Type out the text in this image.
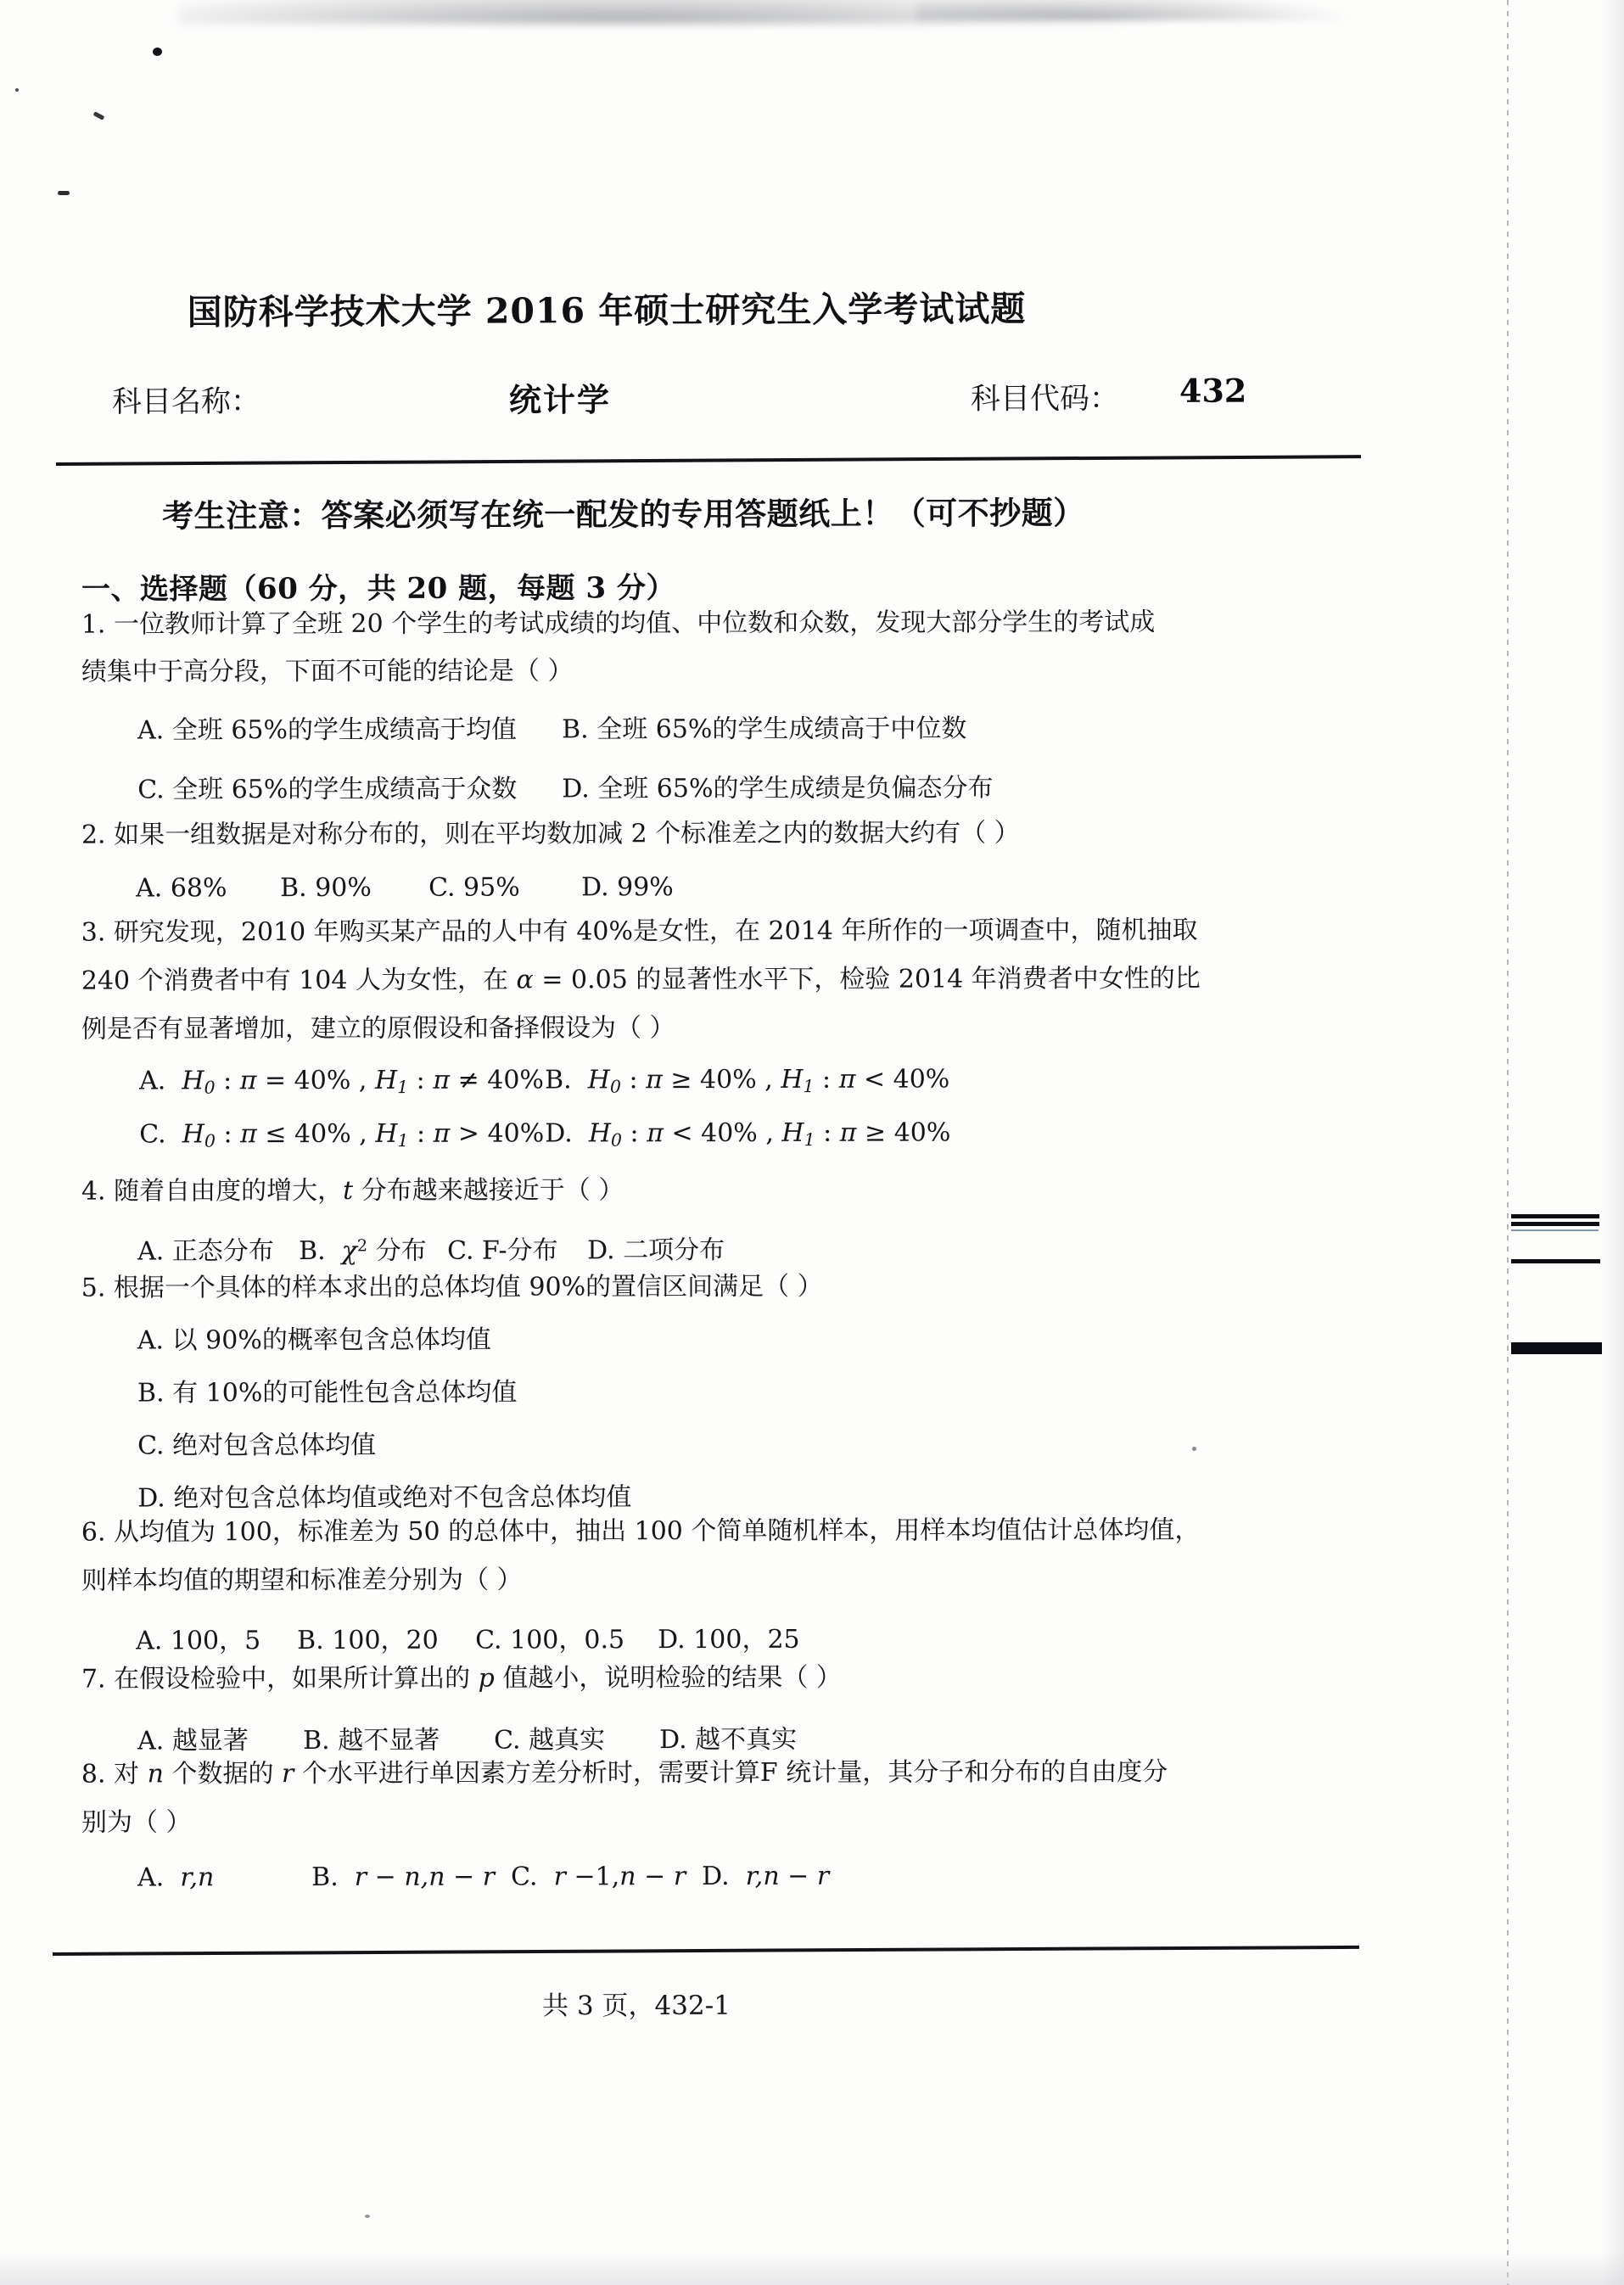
国防科学技术大学 2016 年硕士研究生入学考试试题
科目名称：	统计学	科目代码： 432
考生注意：答案必须写在统一配发的专用答题纸上！（可不抄题）
一、选择题（60 分，共 20 题，每题 3 分）
1. 一位教师计算了全班 20 个学生的考试成绩的均值、中位数和众数，发现大部分学生的考试成
绩集中于高分段，下面不可能的结论是（ ）
A. 全班 65%的学生成绩高于均值	B. 全班 65%的学生成绩高于中位数
C. 全班 65%的学生成绩高于众数	D. 全班 65%的学生成绩是负偏态分布
2. 如果一组数据是对称分布的，则在平均数加减 2 个标准差之内的数据大约有（ ）
A. 68%	B. 90%	C. 95%	D. 99%
3. 研究发现，2010 年购买某产品的人中有 40%是女性，在 2014 年所作的一项调查中，随机抽取
240 个消费者中有 104 人为女性，在 α = 0.05 的显著性水平下，检验 2014 年消费者中女性的比
例是否有显著增加，建立的原假设和备择假设为（ ）
A.  $H_0$ : π = 40% , $H_1$ : π ≠ 40% B.  $H_0$ : π ≥ 40% , $H_1$ : π < 40%
C.  $H_0$ : π ≤ 40% , $H_1$ : π > 40% D.  $H_0$ : π < 40% , $H_1$ : π ≥ 40%
4. 随着自由度的增大，t 分布越来越接近于（ ）
A. 正态分布 B.  $\chi^2$ 分布 C. F-分布	D. 二项分布
5. 根据一个具体的样本求出的总体均值 90%的置信区间满足（ ）
A. 以 90%的概率包含总体均值
B. 有 10%的可能性包含总体均值
C. 绝对包含总体均值
D. 绝对包含总体均值或绝对不包含总体均值
6. 从均值为 100，标准差为 50 的总体中，抽出 100 个简单随机样本，用样本均值估计总体均值，
则样本均值的期望和标准差分别为（ ）
A. 100，5	B. 100，20	C. 100，0.5	D. 100，25
7. 在假设检验中，如果所计算出的 p 值越小，说明检验的结果（ ）
A. 越显著	B. 越不显著	C. 越真实	D. 越不真实
8. 对 n 个数据的 r 个水平进行单因素方差分析时，需要计算F 统计量，其分子和分布的自由度分
别为（ ）
A.  r,n	B.  r − n,n − r C.  r −1,n − r D.  r,n − r
共 3 页，432-1
